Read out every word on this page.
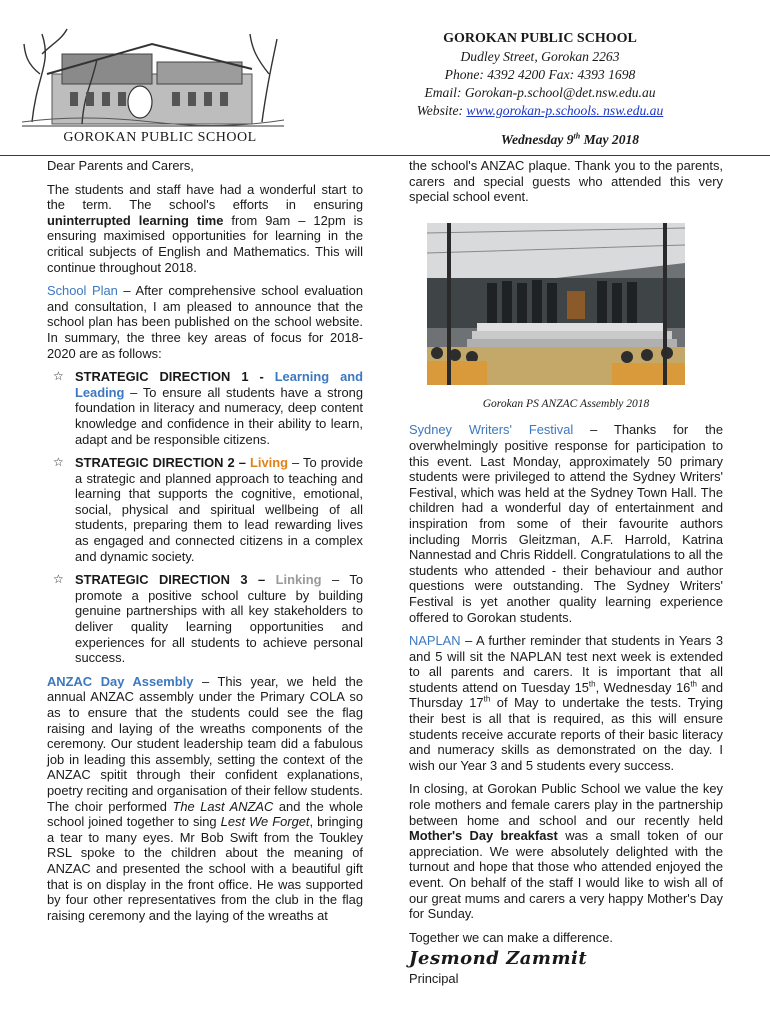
GOROKAN PUBLIC SCHOOL
GOROKAN PUBLIC SCHOOL
Dudley Street, Gorokan 2263
Phone: 4392 4200 Fax: 4393 1698
Email: Gorokan-p.school@det.nsw.edu.au
Website: www.gorokan-p.schools. nsw.edu.au
Wednesday 9th May 2018

Dear Parents and Carers,

The students and staff have had a wonderful start to the term. The school's efforts in ensuring uninterrupted learning time from 9am – 12pm is ensuring maximised opportunities for learning in the critical subjects of English and Mathematics. This will continue throughout 2018.

School Plan – After comprehensive school evaluation and consultation, I am pleased to announce that the school plan has been published on the school website. In summary, the three key areas of focus for 2018-2020 are as follows:

☆ STRATEGIC DIRECTION 1 - Learning and Leading – To ensure all students have a strong foundation in literacy and numeracy, deep content knowledge and confidence in their ability to learn, adapt and be responsible citizens.
☆ STRATEGIC DIRECTION 2 – Living – To provide a strategic and planned approach to teaching and learning that supports the cognitive, emotional, social, physical and spiritual wellbeing of all students, preparing them to lead rewarding lives as engaged and connected citizens in a complex and dynamic society.
☆ STRATEGIC DIRECTION 3 – Linking – To promote a positive school culture by building genuine partnerships with all key stakeholders to deliver quality learning opportunities and experiences for all students to achieve personal success.

ANZAC Day Assembly – This year, we held the annual ANZAC assembly under the Primary COLA so as to ensure that the students could see the flag raising and laying of the wreaths components of the ceremony. Our student leadership team did a fabulous job in leading this assembly, setting the context of the ANZAC spitit through their confident explanations, poetry reciting and organisation of their fellow students. The choir performed The Last ANZAC and the whole school joined together to sing Lest We Forget, bringing a tear to many eyes. Mr Bob Swift from the Toukley RSL spoke to the children about the meaning of ANZAC and presented the school with a beautiful gift that is on display in the front office. He was supported by four other representatives from the club in the flag raising ceremony and the laying of the wreaths at

the school's ANZAC plaque. Thank you to the parents, carers and special guests who attended this very special school event.

Gorokan PS ANZAC Assembly 2018

Sydney Writers' Festival – Thanks for the overwhelmingly positive response for participation to this event. Last Monday, approximately 50 primary students were privileged to attend the Sydney Writers' Festival, which was held at the Sydney Town Hall. The children had a wonderful day of entertainment and inspiration from some of their favourite authors including Morris Gleitzman, A.F. Harrold, Katrina Nannestad and Chris Riddell. Congratulations to all the students who attended - their behaviour and author questions were outstanding. The Sydney Writers' Festival is yet another quality learning experience offered to Gorokan students.

NAPLAN – A further reminder that students in Years 3 and 5 will sit the NAPLAN test next week is extended to all parents and carers. It is important that all students attend on Tuesday 15th, Wednesday 16th and Thursday 17th of May to undertake the tests. Trying their best is all that is required, as this will ensure students receive accurate reports of their basic literacy and numeracy skills as demonstrated on the day. I wish our Year 3 and 5 students every success.

In closing, at Gorokan Public School we value the key role mothers and female carers play in the partnership between home and school and our recently held Mother's Day breakfast was a small token of our appreciation. We were absolutely delighted with the turnout and hope that those who attended enjoyed the event. On behalf of the staff I would like to wish all of our great mums and carers a very happy Mother's Day for Sunday.

Together we can make a difference.

Jesmond Zammit
Principal
